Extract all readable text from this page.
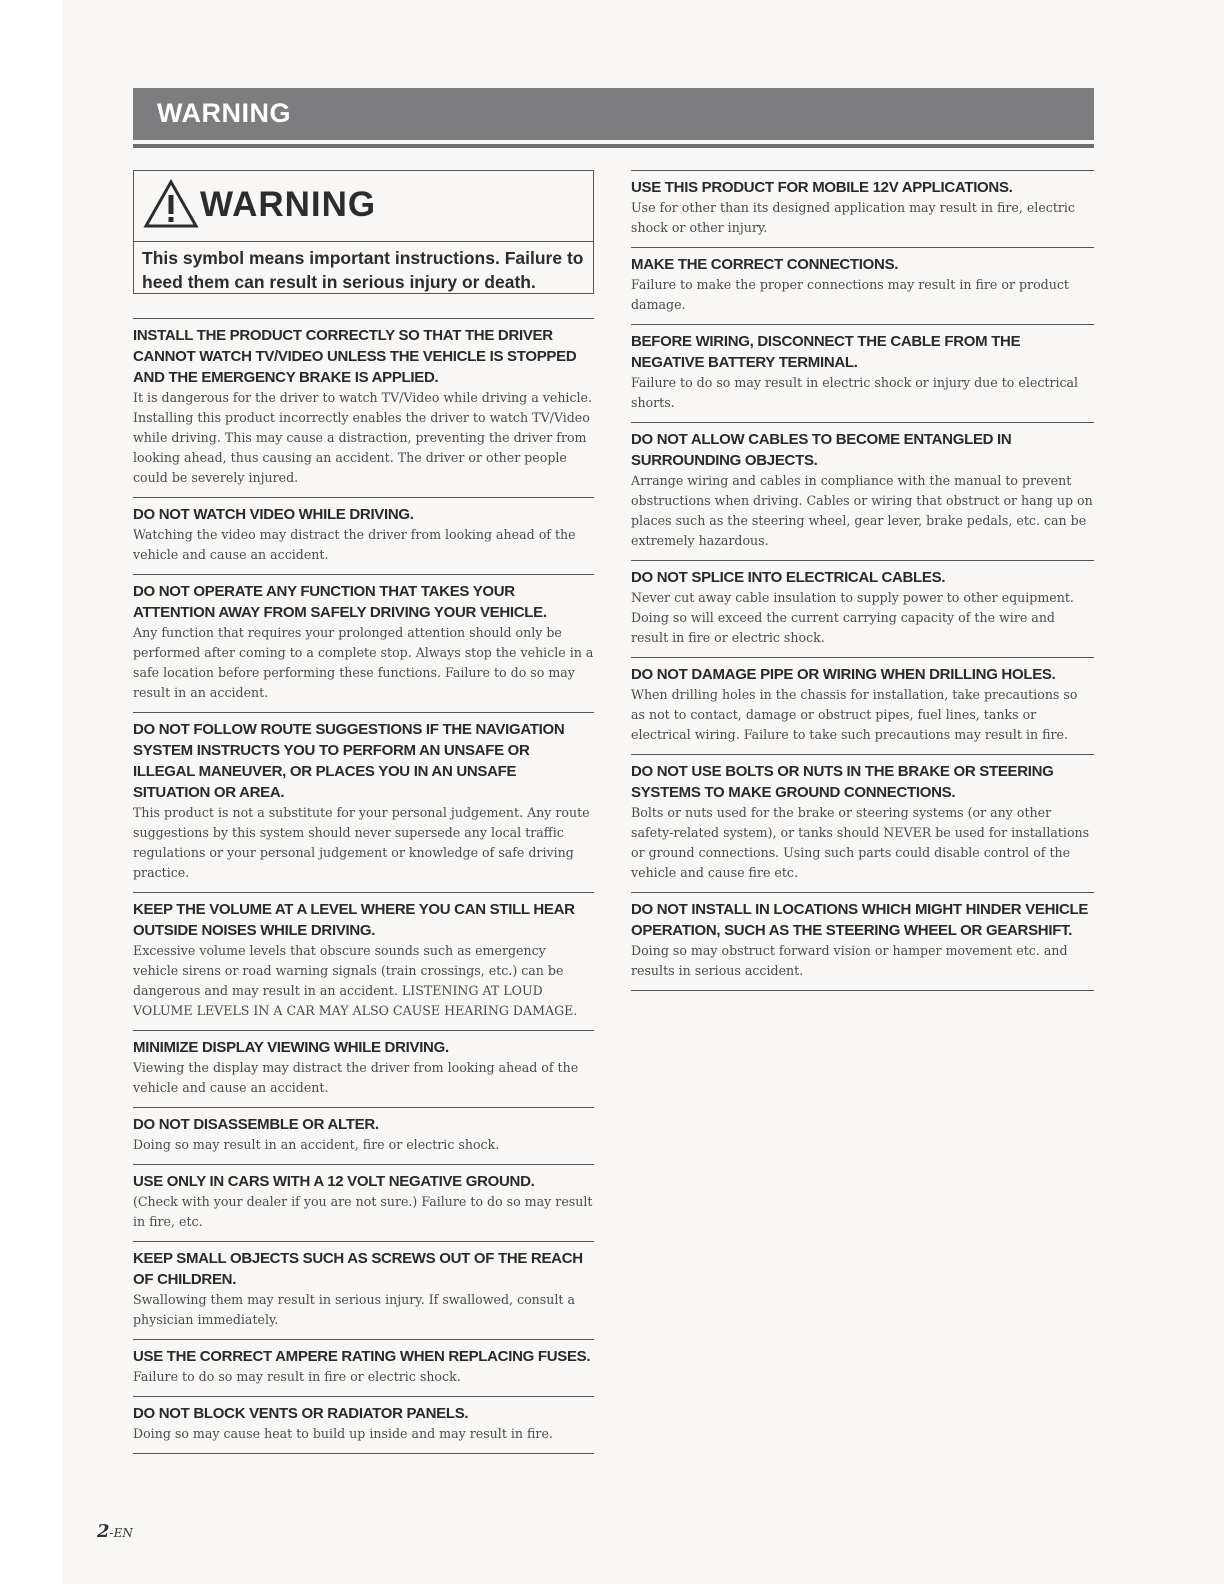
WARNING
WARNING
This symbol means important instructions. Failure to heed them can result in serious injury or death.
INSTALL THE PRODUCT CORRECTLY SO THAT THE DRIVER CANNOT WATCH TV/VIDEO UNLESS THE VEHICLE IS STOPPED AND THE EMERGENCY BRAKE IS APPLIED.
It is dangerous for the driver to watch TV/Video while driving a vehicle. Installing this product incorrectly enables the driver to watch TV/Video while driving. This may cause a distraction, preventing the driver from looking ahead, thus causing an accident. The driver or other people could be severely injured.
DO NOT WATCH VIDEO WHILE DRIVING.
Watching the video may distract the driver from looking ahead of the vehicle and cause an accident.
DO NOT OPERATE ANY FUNCTION THAT TAKES YOUR ATTENTION AWAY FROM SAFELY DRIVING YOUR VEHICLE.
Any function that requires your prolonged attention should only be performed after coming to a complete stop. Always stop the vehicle in a safe location before performing these functions. Failure to do so may result in an accident.
DO NOT FOLLOW ROUTE SUGGESTIONS IF THE NAVIGATION SYSTEM INSTRUCTS YOU TO PERFORM AN UNSAFE OR ILLEGAL MANEUVER, OR PLACES YOU IN AN UNSAFE SITUATION OR AREA.
This product is not a substitute for your personal judgement. Any route suggestions by this system should never supersede any local traffic regulations or your personal judgement or knowledge of safe driving practice.
KEEP THE VOLUME AT A LEVEL WHERE YOU CAN STILL HEAR OUTSIDE NOISES WHILE DRIVING.
Excessive volume levels that obscure sounds such as emergency vehicle sirens or road warning signals (train crossings, etc.) can be dangerous and may result in an accident. LISTENING AT LOUD VOLUME LEVELS IN A CAR MAY ALSO CAUSE HEARING DAMAGE.
MINIMIZE DISPLAY VIEWING WHILE DRIVING.
Viewing the display may distract the driver from looking ahead of the vehicle and cause an accident.
DO NOT DISASSEMBLE OR ALTER.
Doing so may result in an accident, fire or electric shock.
USE ONLY IN CARS WITH A 12 VOLT NEGATIVE GROUND.
(Check with your dealer if you are not sure.) Failure to do so may result in fire, etc.
KEEP SMALL OBJECTS SUCH AS SCREWS OUT OF THE REACH OF CHILDREN.
Swallowing them may result in serious injury. If swallowed, consult a physician immediately.
USE THE CORRECT AMPERE RATING WHEN REPLACING FUSES.
Failure to do so may result in fire or electric shock.
DO NOT BLOCK VENTS OR RADIATOR PANELS.
Doing so may cause heat to build up inside and may result in fire.
USE THIS PRODUCT FOR MOBILE 12V APPLICATIONS.
Use for other than its designed application may result in fire, electric shock or other injury.
MAKE THE CORRECT CONNECTIONS.
Failure to make the proper connections may result in fire or product damage.
BEFORE WIRING, DISCONNECT THE CABLE FROM THE NEGATIVE BATTERY TERMINAL.
Failure to do so may result in electric shock or injury due to electrical shorts.
DO NOT ALLOW CABLES TO BECOME ENTANGLED IN SURROUNDING OBJECTS.
Arrange wiring and cables in compliance with the manual to prevent obstructions when driving. Cables or wiring that obstruct or hang up on places such as the steering wheel, gear lever, brake pedals, etc. can be extremely hazardous.
DO NOT SPLICE INTO ELECTRICAL CABLES.
Never cut away cable insulation to supply power to other equipment. Doing so will exceed the current carrying capacity of the wire and result in fire or electric shock.
DO NOT DAMAGE PIPE OR WIRING WHEN DRILLING HOLES.
When drilling holes in the chassis for installation, take precautions so as not to contact, damage or obstruct pipes, fuel lines, tanks or electrical wiring. Failure to take such precautions may result in fire.
DO NOT USE BOLTS OR NUTS IN THE BRAKE OR STEERING SYSTEMS TO MAKE GROUND CONNECTIONS.
Bolts or nuts used for the brake or steering systems (or any other safety-related system), or tanks should NEVER be used for installations or ground connections. Using such parts could disable control of the vehicle and cause fire etc.
DO NOT INSTALL IN LOCATIONS WHICH MIGHT HINDER VEHICLE OPERATION, SUCH AS THE STEERING WHEEL OR GEARSHIFT.
Doing so may obstruct forward vision or hamper movement etc. and results in serious accident.
2-EN
